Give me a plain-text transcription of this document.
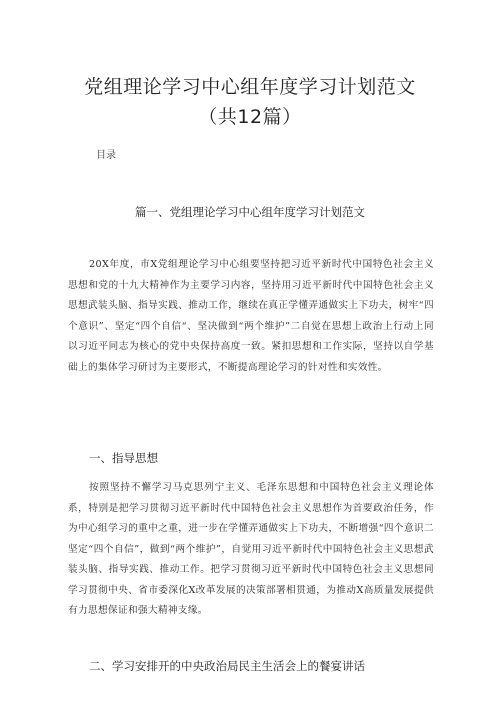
党组理论学习中心组年度学习计划范文（共12篇）
目录
篇一、党组理论学习中心组年度学习计划范文

20X年度，市X党组理论学习中心组要坚持把习近平新时代中国特色社会主义思想和党的十九大精神作为主要学习内容，坚持用习近平新时代中国特色社会主义思想武装头脑、指导实践、推动工作，继续在真正学懂弄通做实上下功夫，树牢“四个意识”、坚定“四个自信“、坚决做到“两个维护”二自觉在思想上政治上行动上同以习近平同志为核心的党中央保持高度一致。紧扣思想和工作实际，坚持以自学基础上的集体学习研讨为主要形式，不断提高理论学习的针对性和实效性。

一、指导思想

按照坚持不懈学习马克思列宁主义、毛泽东思想和中国特色社会主义理论体系，特别是把学习贯彻习近平新时代中国特色社会主义思想作为首要政治任务，作为中心组学习的重中之重，进一步在学懂弄通做实上下功夫，不断增强“四个意识二坚定“四个自信”，做到“两个维护”，自觉用习近平新时代中国特色社会主义思想武装头脑、指导实践、推动工作。把学习贯彻习近平新时代中国特色社会主义思想同学习贯彻中央、省市委深化X改革发展的决策部署相贯通，为推动X高质量发展提供有力思想保证和强大精神支缘。

二、学习安排开的中央政治局民主生活会上的餐宴讲话
